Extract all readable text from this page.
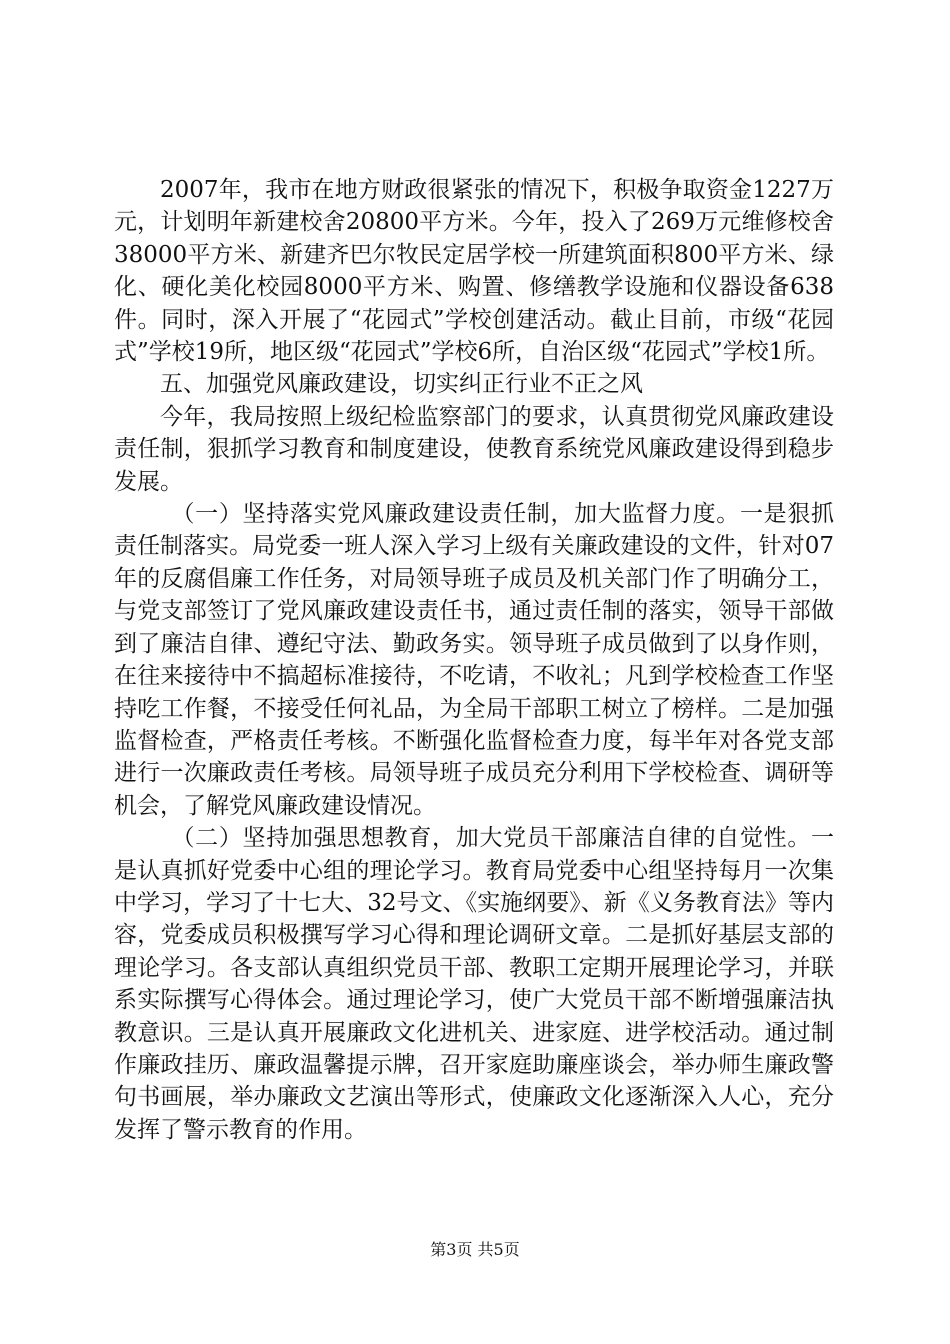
2007年，我市在地方财政很紧张的情况下，积极争取资金1227万元，计划明年新建校舍20800平方米。今年，投入了269万元维修校舍38000平方米、新建齐巴尔牧民定居学校一所建筑面积800平方米、绿化、硬化美化校园8000平方米、购置、修缮教学设施和仪器设备638件。同时，深入开展了“花园式”学校创建活动。截止目前，市级“花园式”学校19所，地区级“花园式”学校6所，自治区级“花园式”学校1所。

五、加强党风廉政建设，切实纠正行业不正之风

今年，我局按照上级纪检监察部门的要求，认真贯彻党风廉政建设责任制，狠抓学习教育和制度建设，使教育系统党风廉政建设得到稳步发展。

（一）坚持落实党风廉政建设责任制，加大监督力度。一是狠抓责任制落实。局党委一班人深入学习上级有关廉政建设的文件，针对07年的反腐倡廉工作任务，对局领导班子成员及机关部门作了明确分工，与党支部签订了党风廉政建设责任书，通过责任制的落实，领导干部做到了廉洁自律、遵纪守法、勤政务实。领导班子成员做到了以身作则，在往来接待中不搞超标准接待，不吃请，不收礼；凡到学校检查工作坚持吃工作餐，不接受任何礼品，为全局干部职工树立了榜样。二是加强监督检查，严格责任考核。不断强化监督检查力度，每半年对各党支部进行一次廉政责任考核。局领导班子成员充分利用下学校检查、调研等机会，了解党风廉政建设情况。

（二）坚持加强思想教育，加大党员干部廉洁自律的自觉性。一是认真抓好党委中心组的理论学习。教育局党委中心组坚持每月一次集中学习，学习了十七大、32号文、《实施纲要》、新《义务教育法》等内容，党委成员积极撰写学习心得和理论调研文章。二是抓好基层支部的理论学习。各支部认真组织党员干部、教职工定期开展理论学习，并联系实际撰写心得体会。通过理论学习，使广大党员干部不断增强廉洁执教意识。三是认真开展廉政文化进机关、进家庭、进学校活动。通过制作廉政挂历、廉政温馨提示牌，召开家庭助廉座谈会，举办师生廉政警句书画展，举办廉政文艺演出等形式，使廉政文化逐渐深入人心，充分发挥了警示教育的作用。

第3页 共5页
